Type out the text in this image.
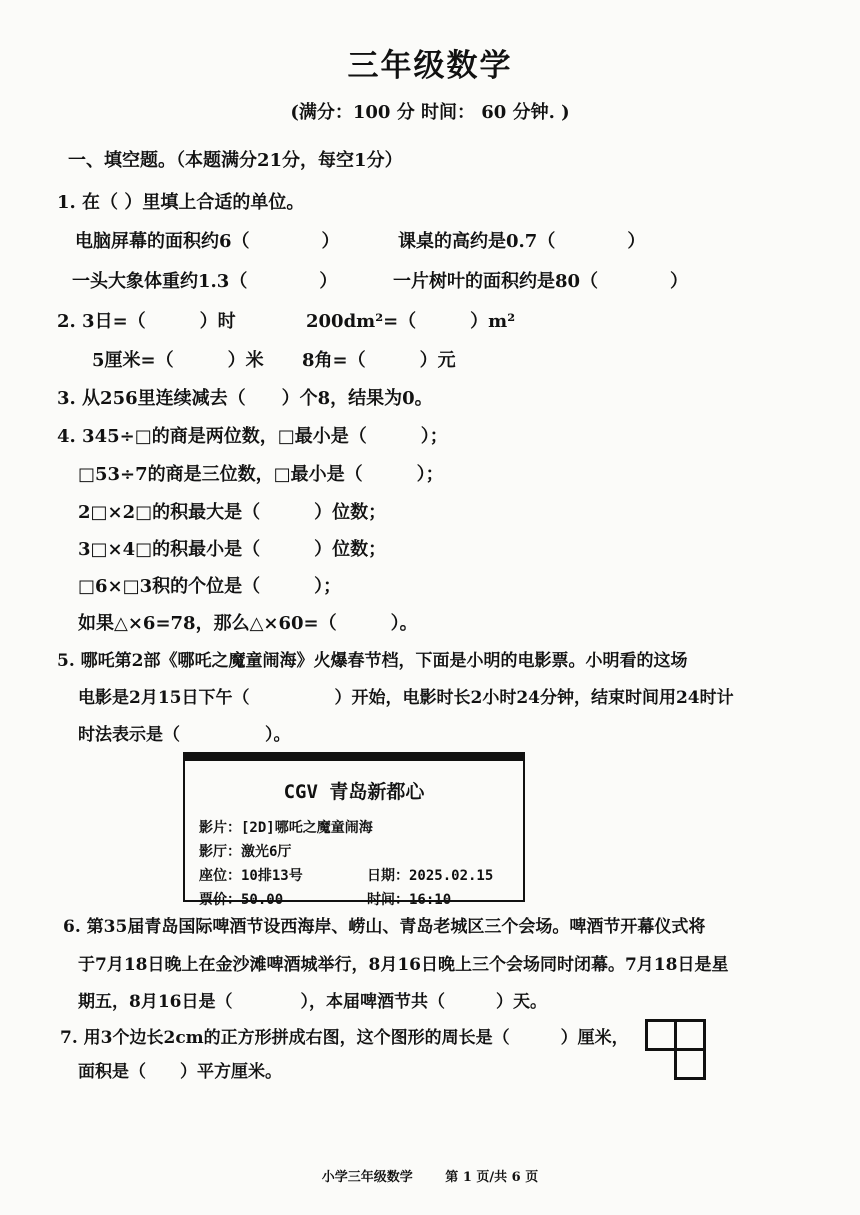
三年级数学
(满分：100 分 时间： 60 分钟. )
一、填空题。（本题满分21分，每空1分）
1. 在（ ）里填上合适的单位。
电脑屏幕的面积约6（　　　　）	课桌的高约是0.7（　　　　）
一头大象体重约1.3（　　　　）	一片树叶的面积约是80（　　　　）
2. 3日=（　　　）时	200dm²=（　　　）m²
5厘米=（　　　）米 8角=（　　　）元
3. 从256里连续减去（　　）个8，结果为0。
4. 345÷□的商是两位数，□最小是（　　　）；
□53÷7的商是三位数，□最小是（　　　）；
2□×2□的积最大是（　　　）位数；
3□×4□的积最小是（　　　）位数；
□6×□3积的个位是（　　　）；
如果△×6=78，那么△×60=（　　　）。
5. 哪吒第2部《哪吒之魔童闹海》火爆春节档，下面是小明的电影票。小明看的这场
电影是2月15日下午（　　　　　）开始，电影时长2小时24分钟，结束时间用24时计
时法表示是（　　　　　）。
CGV 青岛新都心
影片：[2D]哪吒之魔童闹海
影厅：激光6厅
座位：10排13号	日期：2025.02.15
票价：50.00	时间：16:10
6. 第35届青岛国际啤酒节设西海岸、崂山、青岛老城区三个会场。啤酒节开幕仪式将
于7月18日晚上在金沙滩啤酒城举行，8月16日晚上三个会场同时闭幕。7月18日是星
期五，8月16日是（　　　　），本届啤酒节共（　　　）天。
7. 用3个边长2cm的正方形拼成右图，这个图形的周长是（　　　）厘米，
面积是（　　）平方厘米。
小学三年级数学	第 1 页/共 6 页
